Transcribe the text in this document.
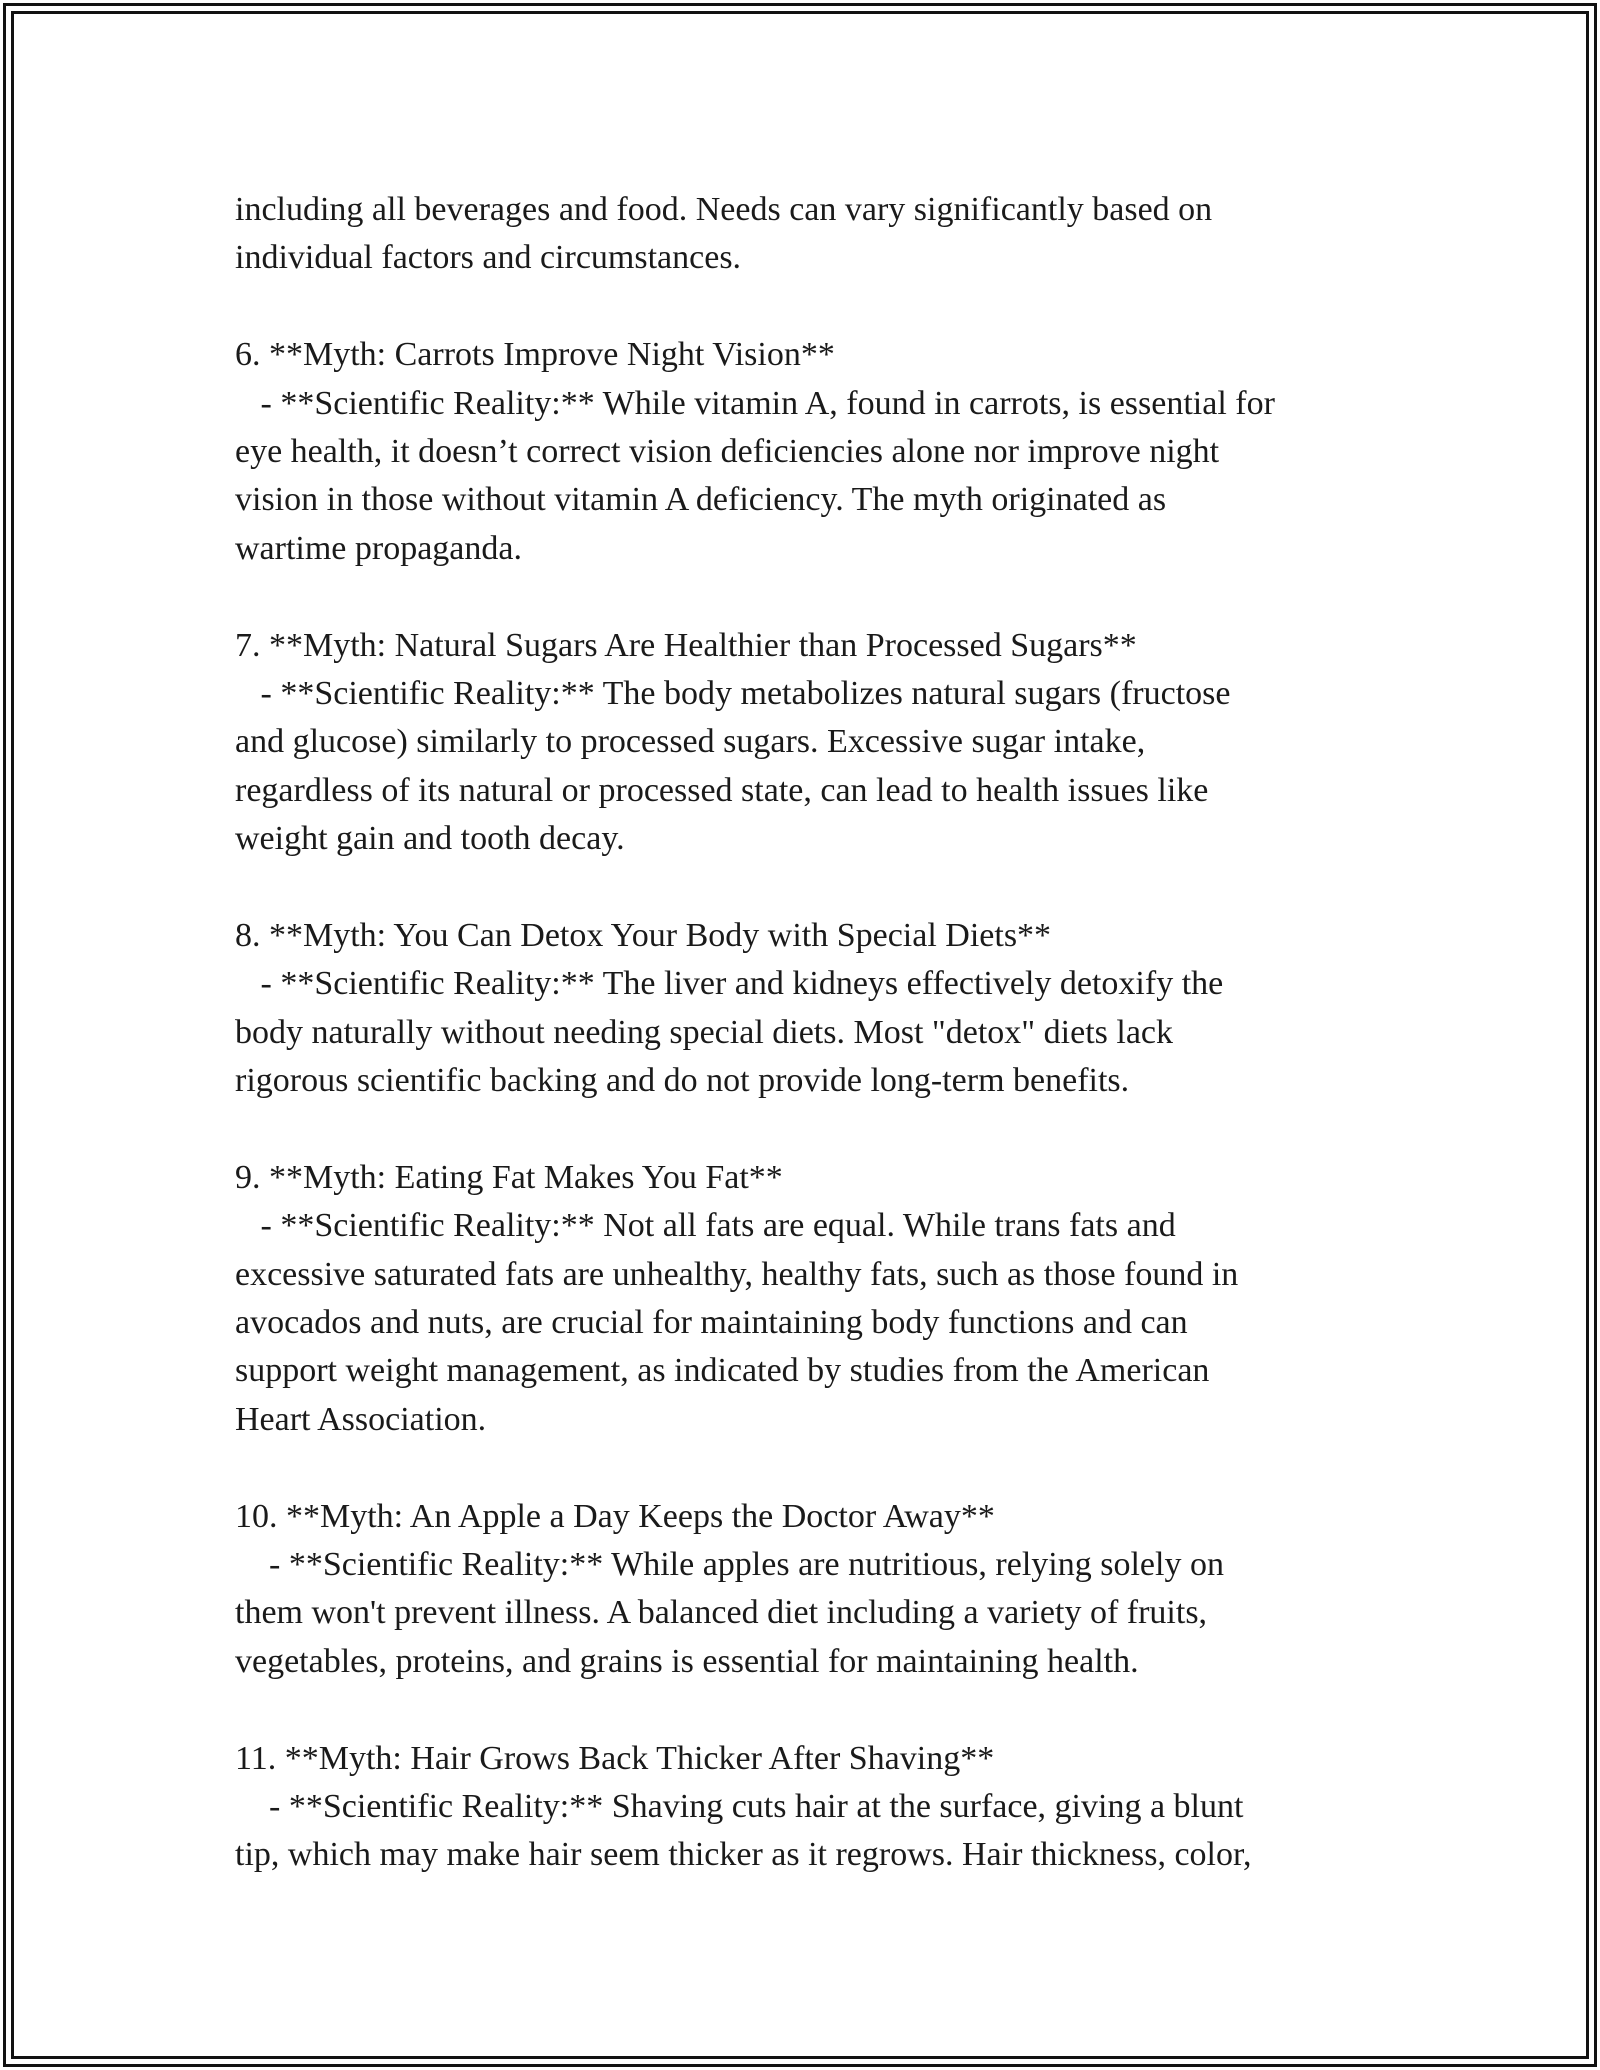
including all beverages and food. Needs can vary significantly based on
individual factors and circumstances.
6. **Myth: Carrots Improve Night Vision**
- **Scientific Reality:** While vitamin A, found in carrots, is essential for
eye health, it doesn’t correct vision deficiencies alone nor improve night
vision in those without vitamin A deficiency. The myth originated as
wartime propaganda.
7. **Myth: Natural Sugars Are Healthier than Processed Sugars**
- **Scientific Reality:** The body metabolizes natural sugars (fructose
and glucose) similarly to processed sugars. Excessive sugar intake,
regardless of its natural or processed state, can lead to health issues like
weight gain and tooth decay.
8. **Myth: You Can Detox Your Body with Special Diets**
- **Scientific Reality:** The liver and kidneys effectively detoxify the
body naturally without needing special diets. Most "detox" diets lack
rigorous scientific backing and do not provide long-term benefits.
9. **Myth: Eating Fat Makes You Fat**
- **Scientific Reality:** Not all fats are equal. While trans fats and
excessive saturated fats are unhealthy, healthy fats, such as those found in
avocados and nuts, are crucial for maintaining body functions and can
support weight management, as indicated by studies from the American
Heart Association.
10. **Myth: An Apple a Day Keeps the Doctor Away**
- **Scientific Reality:** While apples are nutritious, relying solely on
them won't prevent illness. A balanced diet including a variety of fruits,
vegetables, proteins, and grains is essential for maintaining health.
11. **Myth: Hair Grows Back Thicker After Shaving**
- **Scientific Reality:** Shaving cuts hair at the surface, giving a blunt
tip, which may make hair seem thicker as it regrows. Hair thickness, color,
